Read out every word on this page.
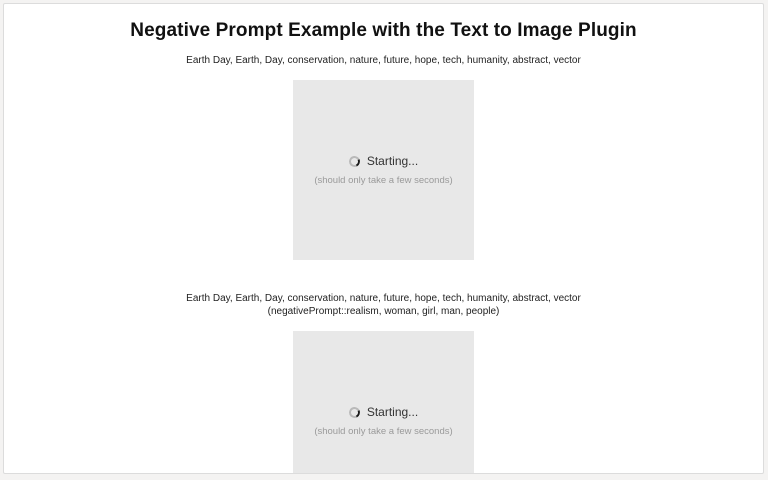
Negative Prompt Example with the Text to Image Plugin

Earth Day, Earth, Day, conservation, nature, future, hope, tech, humanity, abstract, vector

Starting...
(should only take a few seconds)

Earth Day, Earth, Day, conservation, nature, future, hope, tech, humanity, abstract, vector
(negativePrompt::realism, woman, girl, man, people)

Starting...
(should only take a few seconds)
